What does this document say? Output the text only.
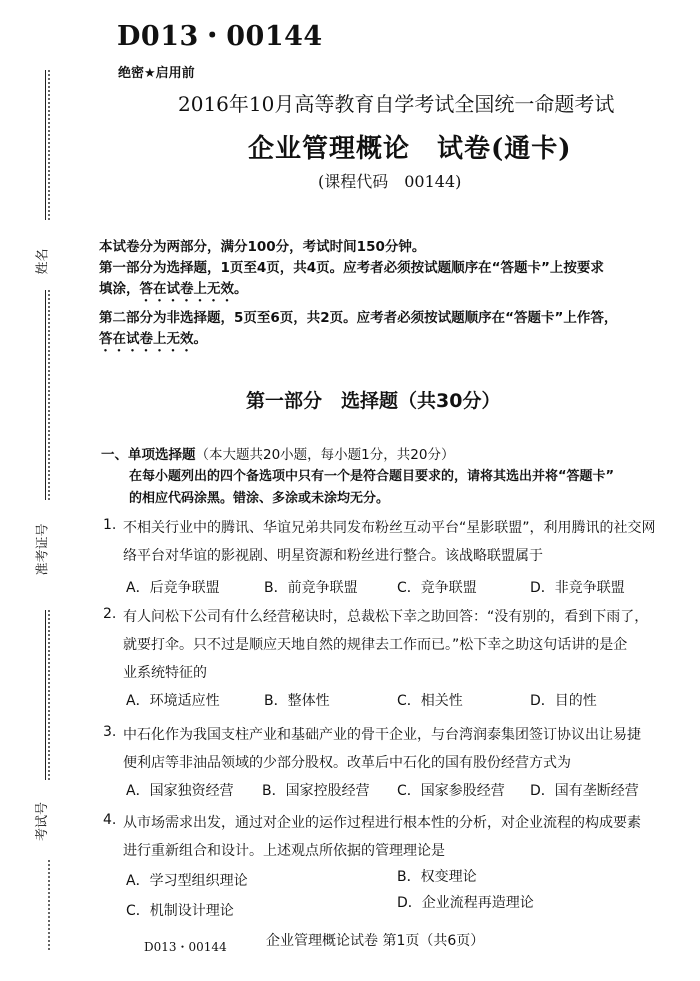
D013・00144
绝密★启用前
2016年10月高等教育自学考试全国统一命题考试
企业管理概论　试卷(通卡)
(课程代码　00144)
本试卷分为两部分，满分100分，考试时间150分钟。
第一部分为选择题，1页至4页，共4页。应考者必须按试题顺序在“答题卡”上按要求
填涂，答在试卷上无效。
第二部分为非选择题，5页至6页，共2页。应考者必须按试题顺序在“答题卡”上作答，
答在试卷上无效。
第一部分　选择题（共30分）
一、单项选择题（本大题共20小题，每小题1分，共20分）
在每小题列出的四个备选项中只有一个是符合题目要求的，请将其选出并将“答题卡”
的相应代码涂黑。错涂、多涂或未涂均无分。
1. 不相关行业中的腾讯、华谊兄弟共同发布粉丝互动平台“星影联盟”，利用腾讯的社交网
络平台对华谊的影视剧、明星资源和粉丝进行整合。该战略联盟属于
A．后竞争联盟	B．前竞争联盟	C．竞争联盟	D．非竞争联盟
2. 有人问松下公司有什么经营秘诀时，总裁松下幸之助回答：“没有别的，看到下雨了，
就要打伞。只不过是顺应天地自然的规律去工作而已。”松下幸之助这句话讲的是企
业系统特征的
A．环境适应性	B．整体性	C．相关性	D．目的性
3. 中石化作为我国支柱产业和基础产业的骨干企业，与台湾润泰集团签订协议出让易捷
便利店等非油品领域的少部分股权。改革后中石化的国有股份经营方式为
A．国家独资经营 B．国家控股经营 C．国家参股经营 D．国有垄断经营
4. 从市场需求出发，通过对企业的运作过程进行根本性的分析，对企业流程的构成要素
进行重新组合和设计。上述观点所依据的管理理论是
A．学习型组织理论	B．权变理论
C．机制设计理论	D．企业流程再造理论
D013・00144	企业管理概论试卷 第1页（共6页）
姓名
准考证号
考试号
